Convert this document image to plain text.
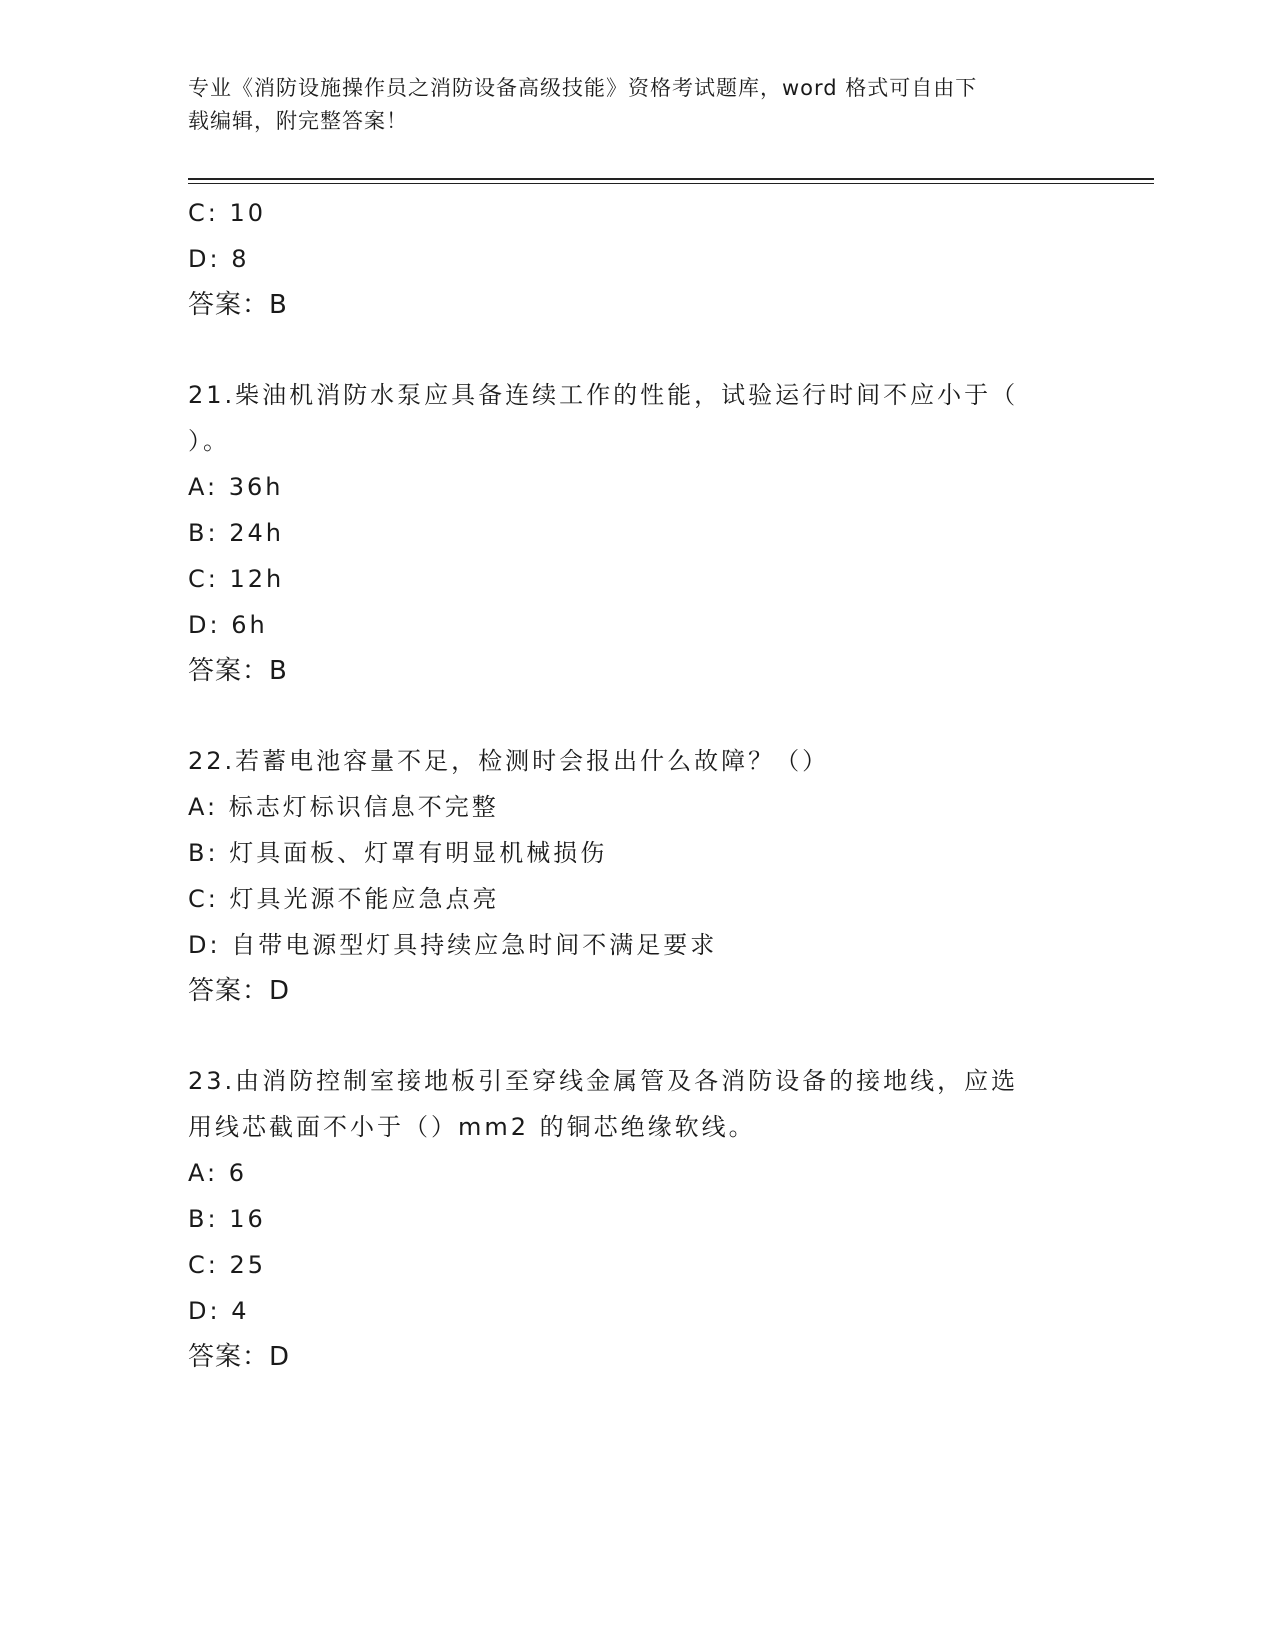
专业《消防设施操作员之消防设备高级技能》资格考试题库，word 格式可自由下
载编辑，附完整答案！
C: 10
D: 8
答案：B
21.柴油机消防水泵应具备连续工作的性能，试验运行时间不应小于（
）。
A: 36h
B: 24h
C: 12h
D: 6h
答案：B
22.若蓄电池容量不足，检测时会报出什么故障？（）
A: 标志灯标识信息不完整
B: 灯具面板、灯罩有明显机械损伤
C: 灯具光源不能应急点亮
D: 自带电源型灯具持续应急时间不满足要求
答案：D
23.由消防控制室接地板引至穿线金属管及各消防设备的接地线，应选
用线芯截面不小于（）mm2 的铜芯绝缘软线。
A: 6
B: 16
C: 25
D: 4
答案：D
